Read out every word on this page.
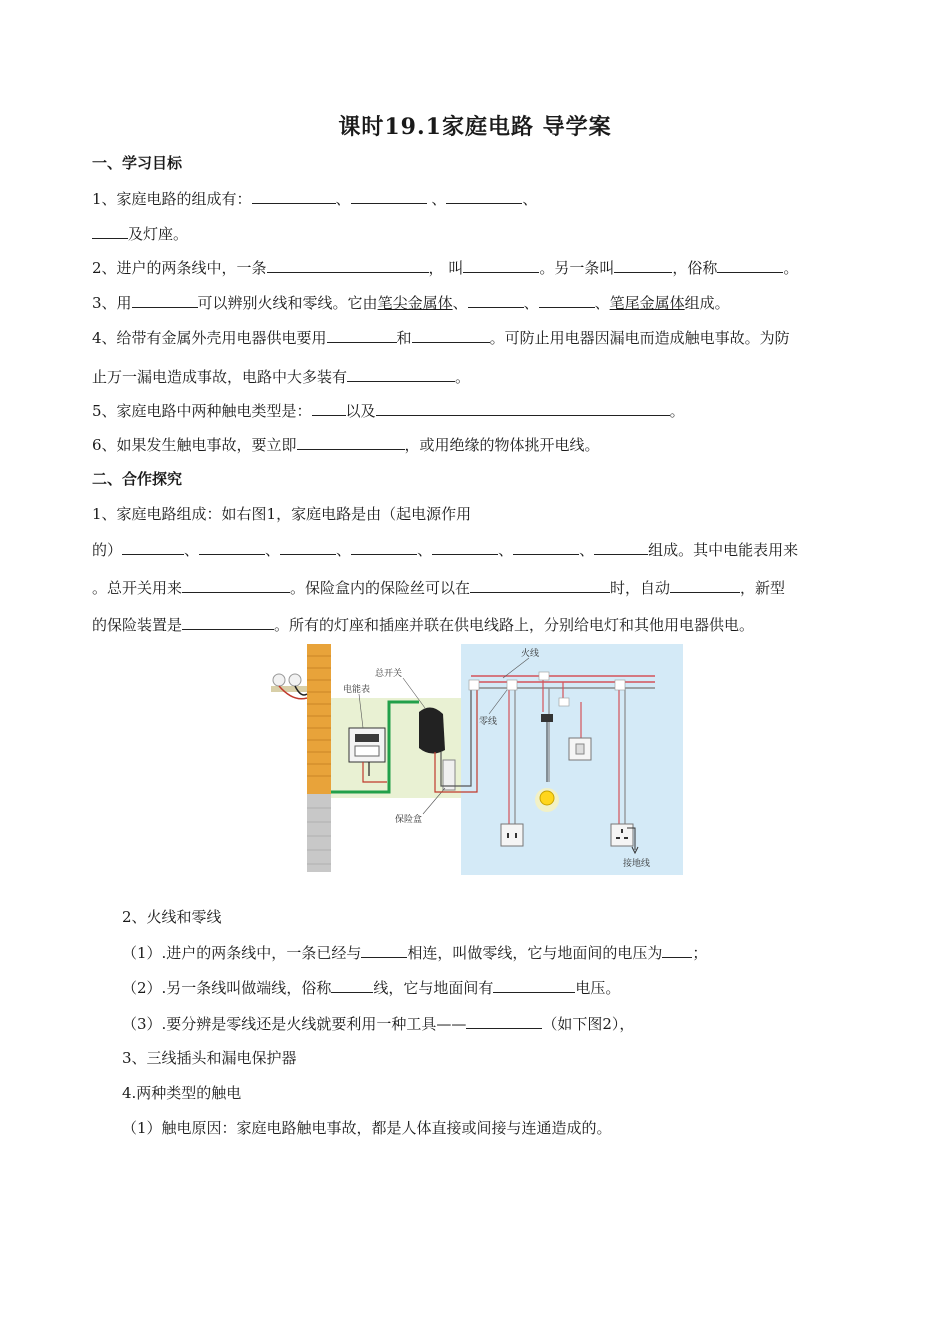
课时19.1家庭电路 导学案
一、学习目标
1、家庭电路的组成有：	、	、	、
及灯座。
2、进户的两条线中，一条	， 叫	。另一条叫	，俗称	。
3、用	可以辨别火线和零线。它由笔尖金属体、	、	、笔尾金属体组成。
4、给带有金属外壳用电器供电要用	和	。可防止用电器因漏电而造成触电事故。为防
止万一漏电造成事故，电路中大多装有	。
5、家庭电路中两种触电类型是： 以及	。
6、如果发生触电事故，要立即	，或用绝缘的物体挑开电线。
二、合作探究
1、家庭电路组成：如右图1，家庭电路是由（起电源作用
的）	、	、	、	、	、	、	组成。其中电能表用来
。总开关用来	。保险盒内的保险丝可以在	时，自动	，新型
的保险装置是	。所有的灯座和插座并联在供电线路上，分别给电灯和其他用电器供电。
电能表
总开关
保险盒
火线
零线
接地线
2、火线和零线
（1）.进户的两条线中，一条已经与	相连，叫做零线，它与地面间的电压为 ；
（2）.另一条线叫做端线，俗称	线，它与地面间有	电压。
（3）.要分辨是零线还是火线就要利用一种工具——	（如下图2），
3、三线插头和漏电保护器
4.两种类型的触电
（1）触电原因：家庭电路触电事故，都是人体直接或间接与连通造成的。
